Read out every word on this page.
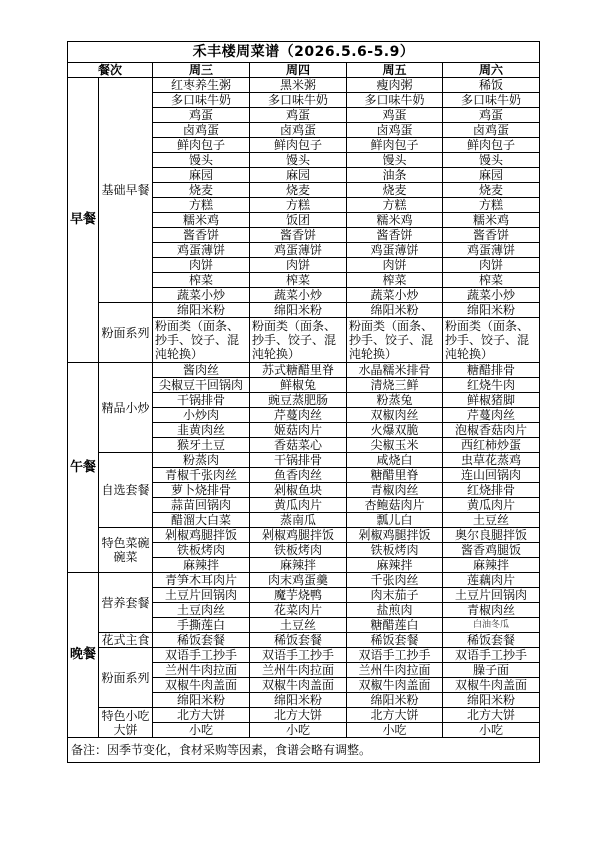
禾丰楼周菜谱（2026.5.6-5.9）					
餐次		周三	周四	周五	周六
早餐	基础早餐	红枣养生粥	黑米粥	瘦肉粥	稀饭
		多口味牛奶	多口味牛奶	多口味牛奶	多口味牛奶
		鸡蛋	鸡蛋	鸡蛋	鸡蛋
		卤鸡蛋	卤鸡蛋	卤鸡蛋	卤鸡蛋
		鲜肉包子	鲜肉包子	鲜肉包子	鲜肉包子
		馒头	馒头	馒头	馒头
		麻园	麻园	油条	麻园
		烧麦	烧麦	烧麦	烧麦
		方糕	方糕	方糕	方糕
		糯米鸡	饭团	糯米鸡	糯米鸡
		酱香饼	酱香饼	酱香饼	酱香饼
		鸡蛋薄饼	鸡蛋薄饼	鸡蛋薄饼	鸡蛋薄饼
		肉饼	肉饼	肉饼	肉饼
		榨菜	榨菜	榨菜	榨菜
		蔬菜小炒	蔬菜小炒	蔬菜小炒	蔬菜小炒
	粉面系列	绵阳米粉	绵阳米粉	绵阳米粉	绵阳米粉
		粉面类（面条、抄手、饺子、混沌轮换）	粉面类（面条、抄手、饺子、混沌轮换）	粉面类（面条、抄手、饺子、混沌轮换）	粉面类（面条、抄手、饺子、混沌轮换）
午餐	精品小炒	酱肉丝	苏式糖醋里脊	水晶糯米排骨	糖醋排骨
		尖椒豆干回锅肉	鲜椒兔	清烧三鲜	红烧牛肉
		干锅排骨	豌豆蒸肥肠	粉蒸兔	鲜椒猪脚
		小炒肉	芹蔓肉丝	双椒肉丝	芹蔓肉丝
		韭黄肉丝	姬菇肉片	火爆双脆	泡椒香菇肉片
		猴牙土豆	香菇菜心	尖椒玉米	西红柿炒蛋
	自选套餐	粉蒸肉	干锅排骨	咸烧白	虫草花蒸鸡
		青椒千张肉丝	鱼香肉丝	糖醋里脊	连山回锅肉
		萝卜烧排骨	剁椒鱼块	青椒肉丝	红烧排骨
		蒜苗回锅肉	黄瓜肉片	杏鲍菇肉片	黄瓜肉片
		醋溜大白菜	蒸南瓜	瓢儿白	土豆丝
	特色菜碗碗菜	剁椒鸡腿拌饭	剁椒鸡腿拌饭	剁椒鸡腿拌饭	奥尔良腿拌饭
		铁板烤肉	铁板烤肉	铁板烤肉	酱香鸡腿饭
		麻辣拌	麻辣拌	麻辣拌	麻辣拌
晚餐	营养套餐	青笋木耳肉片	肉末鸡蛋羹	千张肉丝	莲藕肉片
		土豆片回锅肉	魔芋烧鸭	肉末茄子	土豆片回锅肉
		土豆肉丝	花菜肉片	盐煎肉	青椒肉丝
		手撕莲白	土豆丝	糖醋莲白	白油冬瓜
	花式主食	稀饭套餐	稀饭套餐	稀饭套餐	稀饭套餐
	粉面系列	双语手工抄手	双语手工抄手	双语手工抄手	双语手工抄手
		兰州牛肉拉面	兰州牛肉拉面	兰州牛肉拉面	臊子面
		双椒牛肉盖面	双椒牛肉盖面	双椒牛肉盖面	双椒牛肉盖面
		绵阳米粉	绵阳米粉	绵阳米粉	绵阳米粉
	特色小吃大饼	北方大饼	北方大饼	北方大饼	北方大饼
		小吃	小吃	小吃	小吃
备注：因季节变化，食材采购等因素，食谱会略有调整。					
